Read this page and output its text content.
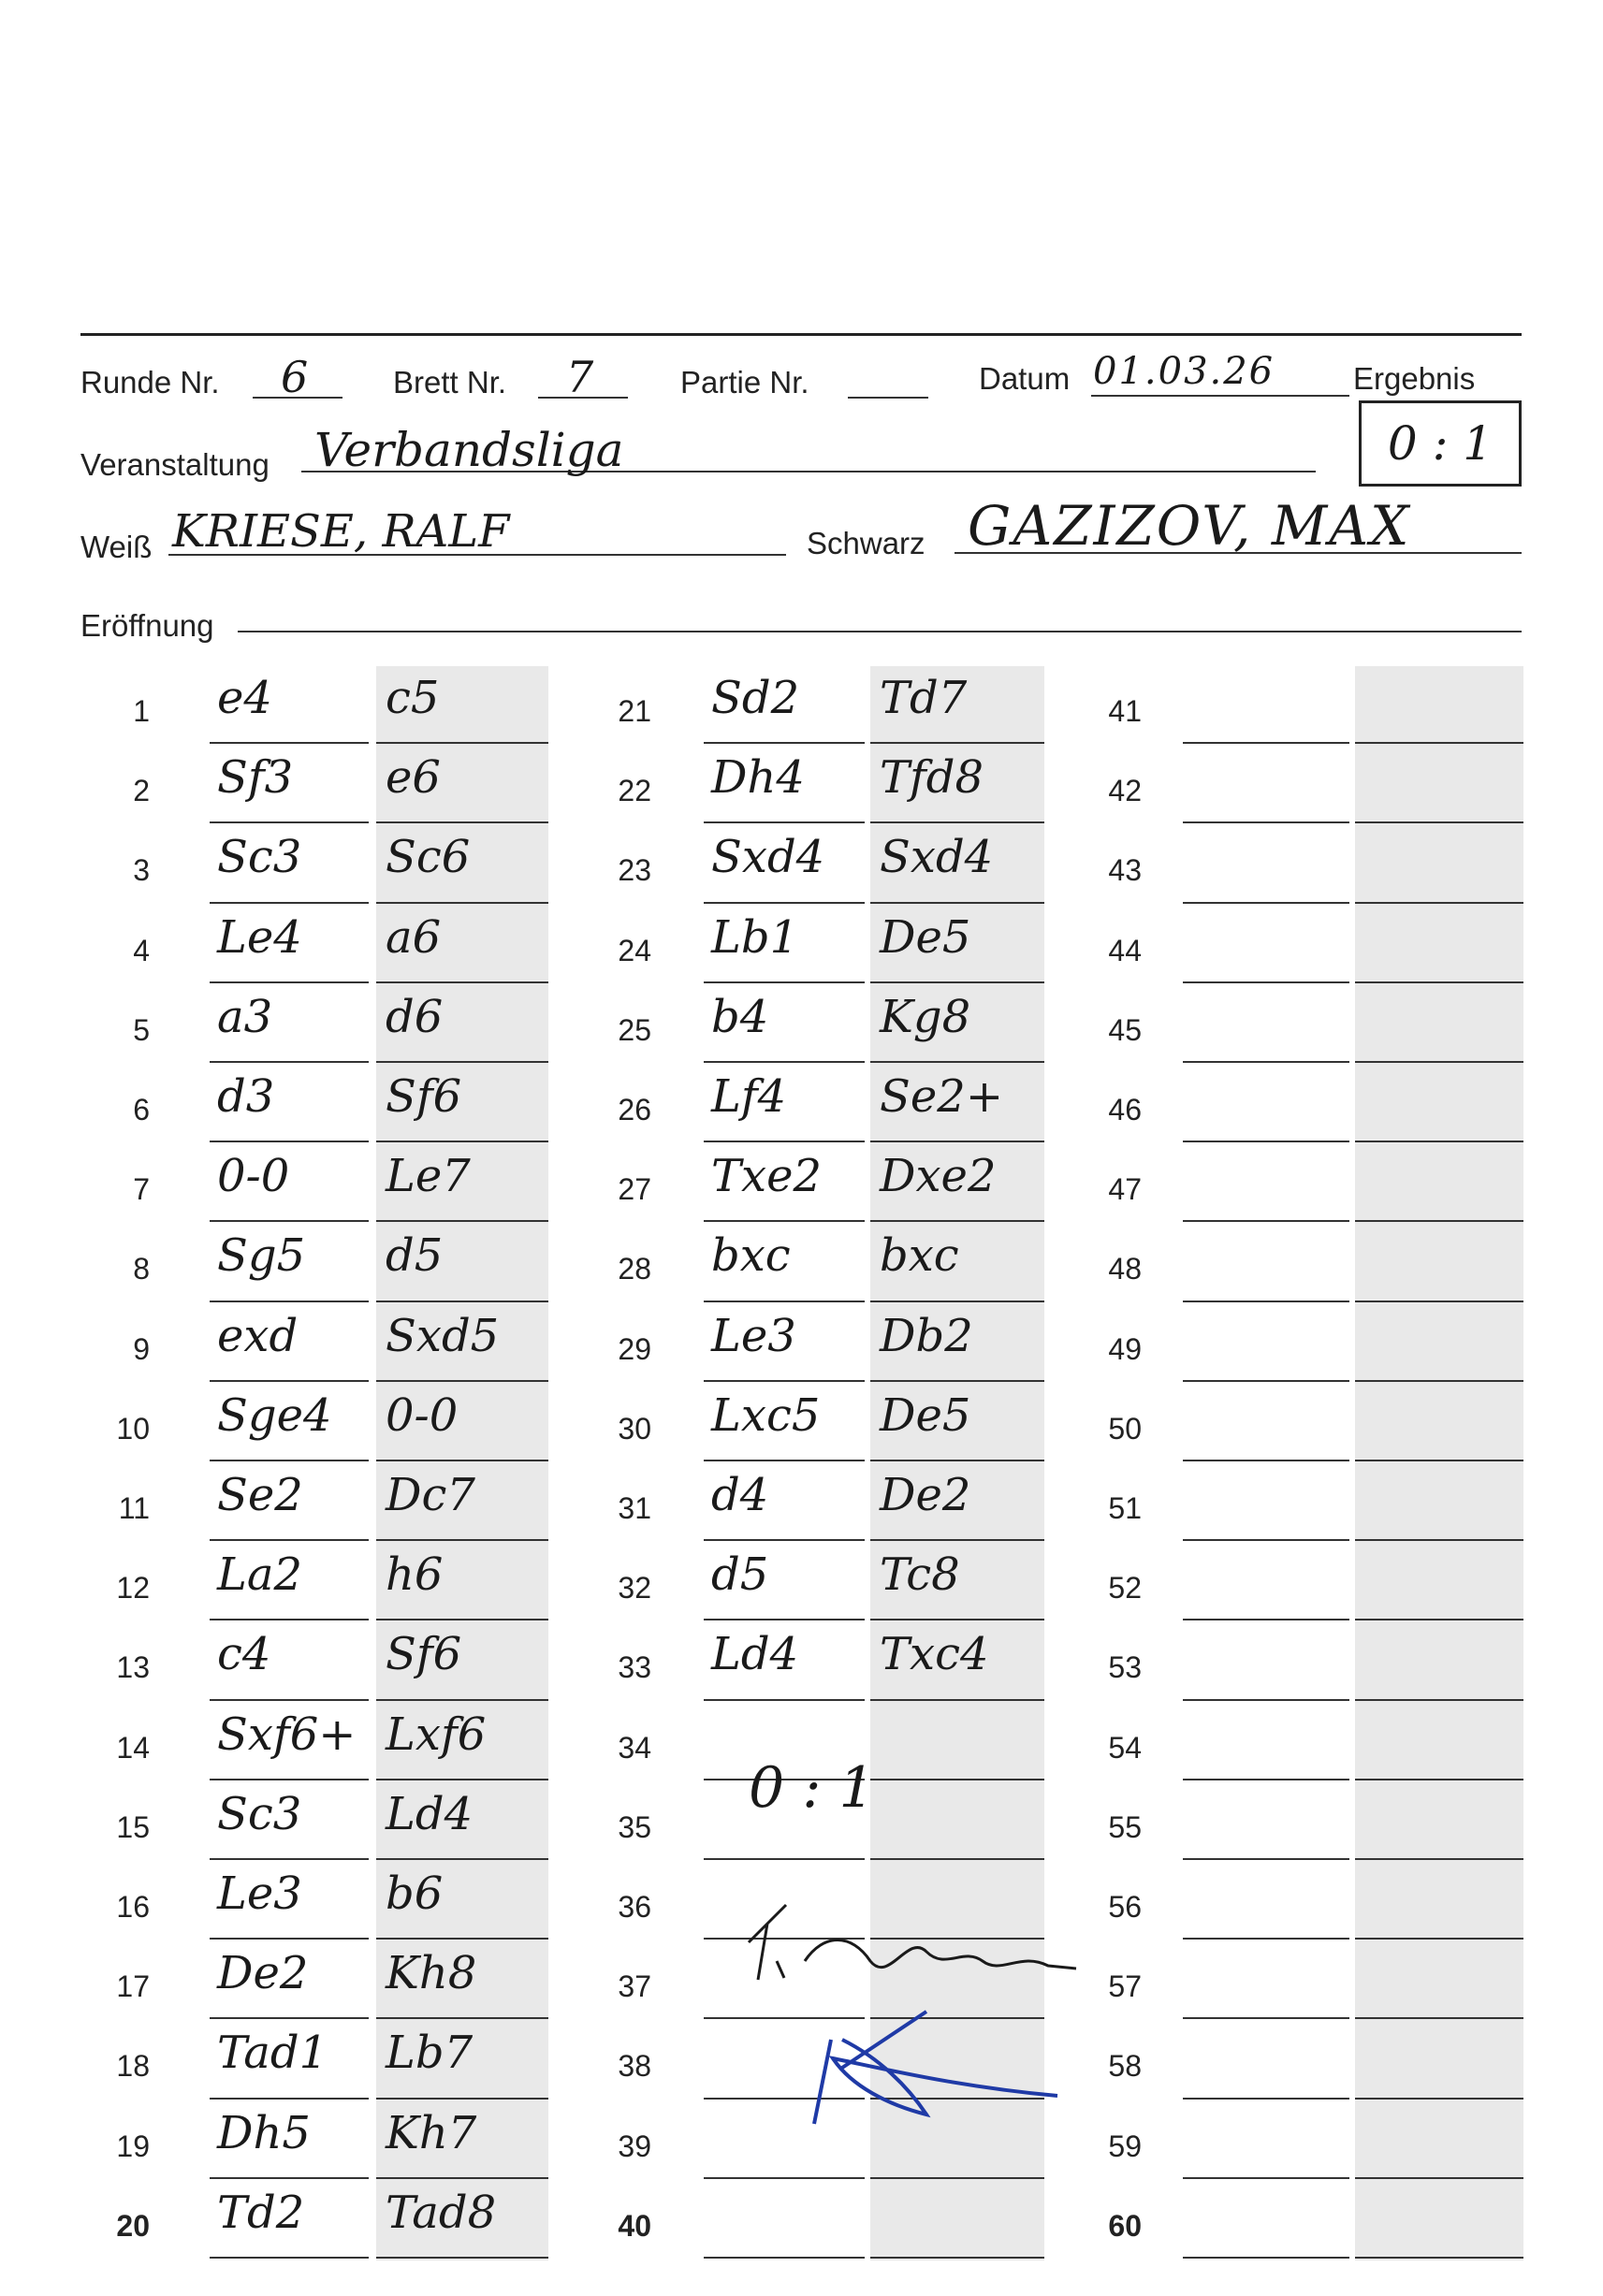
Runde Nr. 6	Brett Nr. 7	Partie Nr.	Datum 01.03.26	Ergebnis
0 : 1
Veranstaltung Verbandsliga
Weiß KRIESE, RALF	Schwarz GAZIZOV, MAX
Eröffnung
1 e4	c5
2 Sf3 e6
3 Sc3 Sc6
4 Le4 a6
5 a3	d6
6 d3 Sf6
7 0-0 Le7
8 Sg5 d5
9 exd Sxd5
10 Sge4 0-0
11 Se2 Dc7
12 La2 h6
13 c4	Sf6
14 Sxf6+ Lxf6
15 Sc3 Ld4
16 Le3 b6
17 De2 Kh8
18 Tad1 Lb7
19 Dh5 Kh7
20 Td2 Tad8
21 Sd2 Td7
22 Dh4 Tfd8
23 Sxd4 Sxd4
24 Lb1 De5
25 b4 Kg8
26 Lf4 Se2+
27 Txe2 Dxe2
28 bxc bxc
29 Le3 Db2
30 Lxc5 De5
31 d4 De2
32 d5 Tc8
33 Ld4 Txc4
34
35
36
37
38
39
40
41
42
43
44
45
46
47
48
49
50
51
52
53
54
55
56
57
58
59
60
0 : 1
